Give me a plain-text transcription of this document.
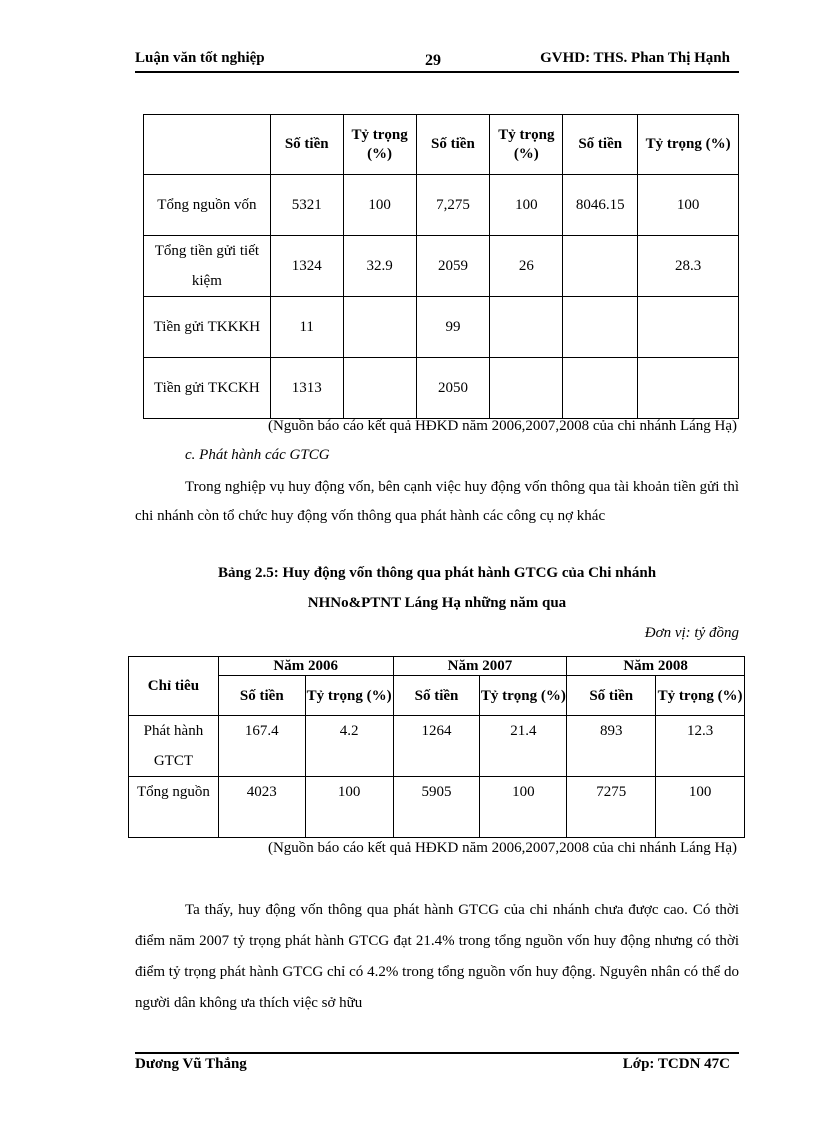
Luận văn tốt nghiệp	29	GVHD: THS. Phan Thị Hạnh
	Số tiền	Tỷ trọng (%)	Số tiền	Tỷ trọng (%)	Số tiền	Tỷ trọng (%)
Tổng nguồn vốn	5321	100	7,275	100	8046.15	100
Tổng tiền gửi tiết kiệm	1324	32.9	2059	26		28.3
Tiền gửi TKKKH	11		99			
Tiền gửi TKCKH	1313		2050			
(Nguồn báo cáo kết quả HĐKD năm 2006,2007,2008 của chi nhánh Láng Hạ)
c. Phát hành các GTCG

Trong nghiệp vụ huy động vốn, bên cạnh việc huy động vốn thông qua tài khoản tiền gửi thì chi nhánh còn tổ chức huy động vốn thông qua phát hành các công cụ nợ khác

Bảng 2.5: Huy động vốn thông qua phát hành GTCG của Chi nhánh
NHNo&PTNT Láng Hạ những năm qua
Đơn vị: tỷ đồng
Chỉ tiêu	Năm 2006		Năm 2007		Năm 2008	
	Số tiền	Tỷ trọng (%)	Số tiền	Tỷ trọng (%)	Số tiền	Tỷ trọng (%)
Phát hành GTCT	167.4	4.2	1264	21.4	893	12.3
Tổng nguồn	4023	100	5905	100	7275	100
(Nguồn báo cáo kết quả HĐKD năm 2006,2007,2008 của chi nhánh Láng Hạ)

Ta thấy, huy động vốn thông qua phát hành GTCG của chi nhánh chưa được cao. Có thời điểm năm 2007 tỷ trọng phát hành GTCG đạt 21.4% trong tổng nguồn vốn huy động nhưng có thời điểm tỷ trọng phát hành GTCG chỉ có 4.2% trong tổng nguồn vốn huy động. Nguyên nhân có thể do người dân không ưa thích việc sở hữu

Dương Vũ Thắng	Lớp: TCDN 47C
